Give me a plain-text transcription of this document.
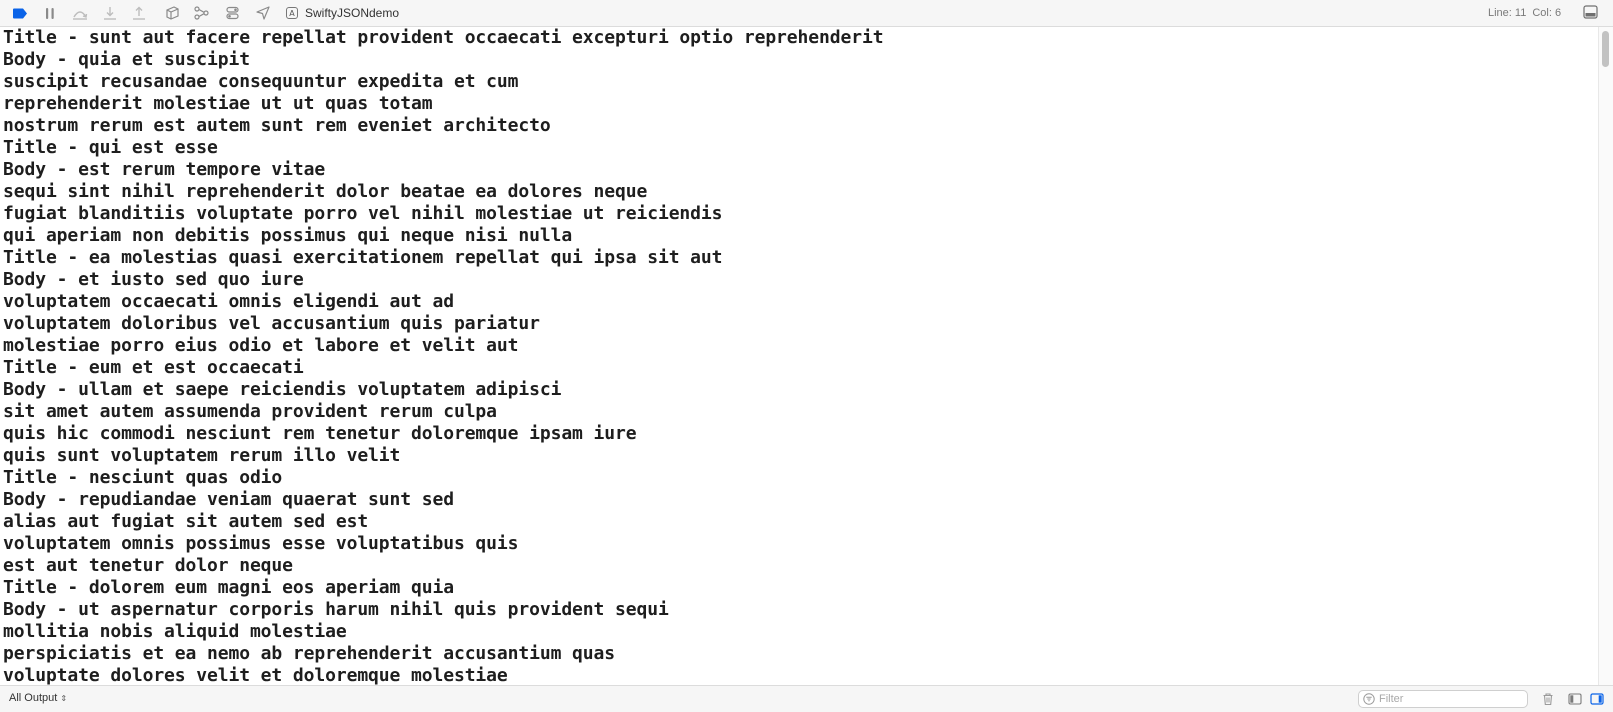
A SwiftyJSONdemo	Line: 11 Col: 6
Title - sunt aut facere repellat provident occaecati excepturi optio reprehenderit
Body - quia et suscipit
suscipit recusandae consequuntur expedita et cum
reprehenderit molestiae ut ut quas totam
nostrum rerum est autem sunt rem eveniet architecto
Title - qui est esse
Body - est rerum tempore vitae
sequi sint nihil reprehenderit dolor beatae ea dolores neque
fugiat blanditiis voluptate porro vel nihil molestiae ut reiciendis
qui aperiam non debitis possimus qui neque nisi nulla
Title - ea molestias quasi exercitationem repellat qui ipsa sit aut
Body - et iusto sed quo iure
voluptatem occaecati omnis eligendi aut ad
voluptatem doloribus vel accusantium quis pariatur
molestiae porro eius odio et labore et velit aut
Title - eum et est occaecati
Body - ullam et saepe reiciendis voluptatem adipisci
sit amet autem assumenda provident rerum culpa
quis hic commodi nesciunt rem tenetur doloremque ipsam iure
quis sunt voluptatem rerum illo velit
Title - nesciunt quas odio
Body - repudiandae veniam quaerat sunt sed
alias aut fugiat sit autem sed est
voluptatem omnis possimus esse voluptatibus quis
est aut tenetur dolor neque
Title - dolorem eum magni eos aperiam quia
Body - ut aspernatur corporis harum nihil quis provident sequi
mollitia nobis aliquid molestiae
perspiciatis et ea nemo ab reprehenderit accusantium quas
voluptate dolores velit et doloremque molestiae
All Output ⇕
Filter
